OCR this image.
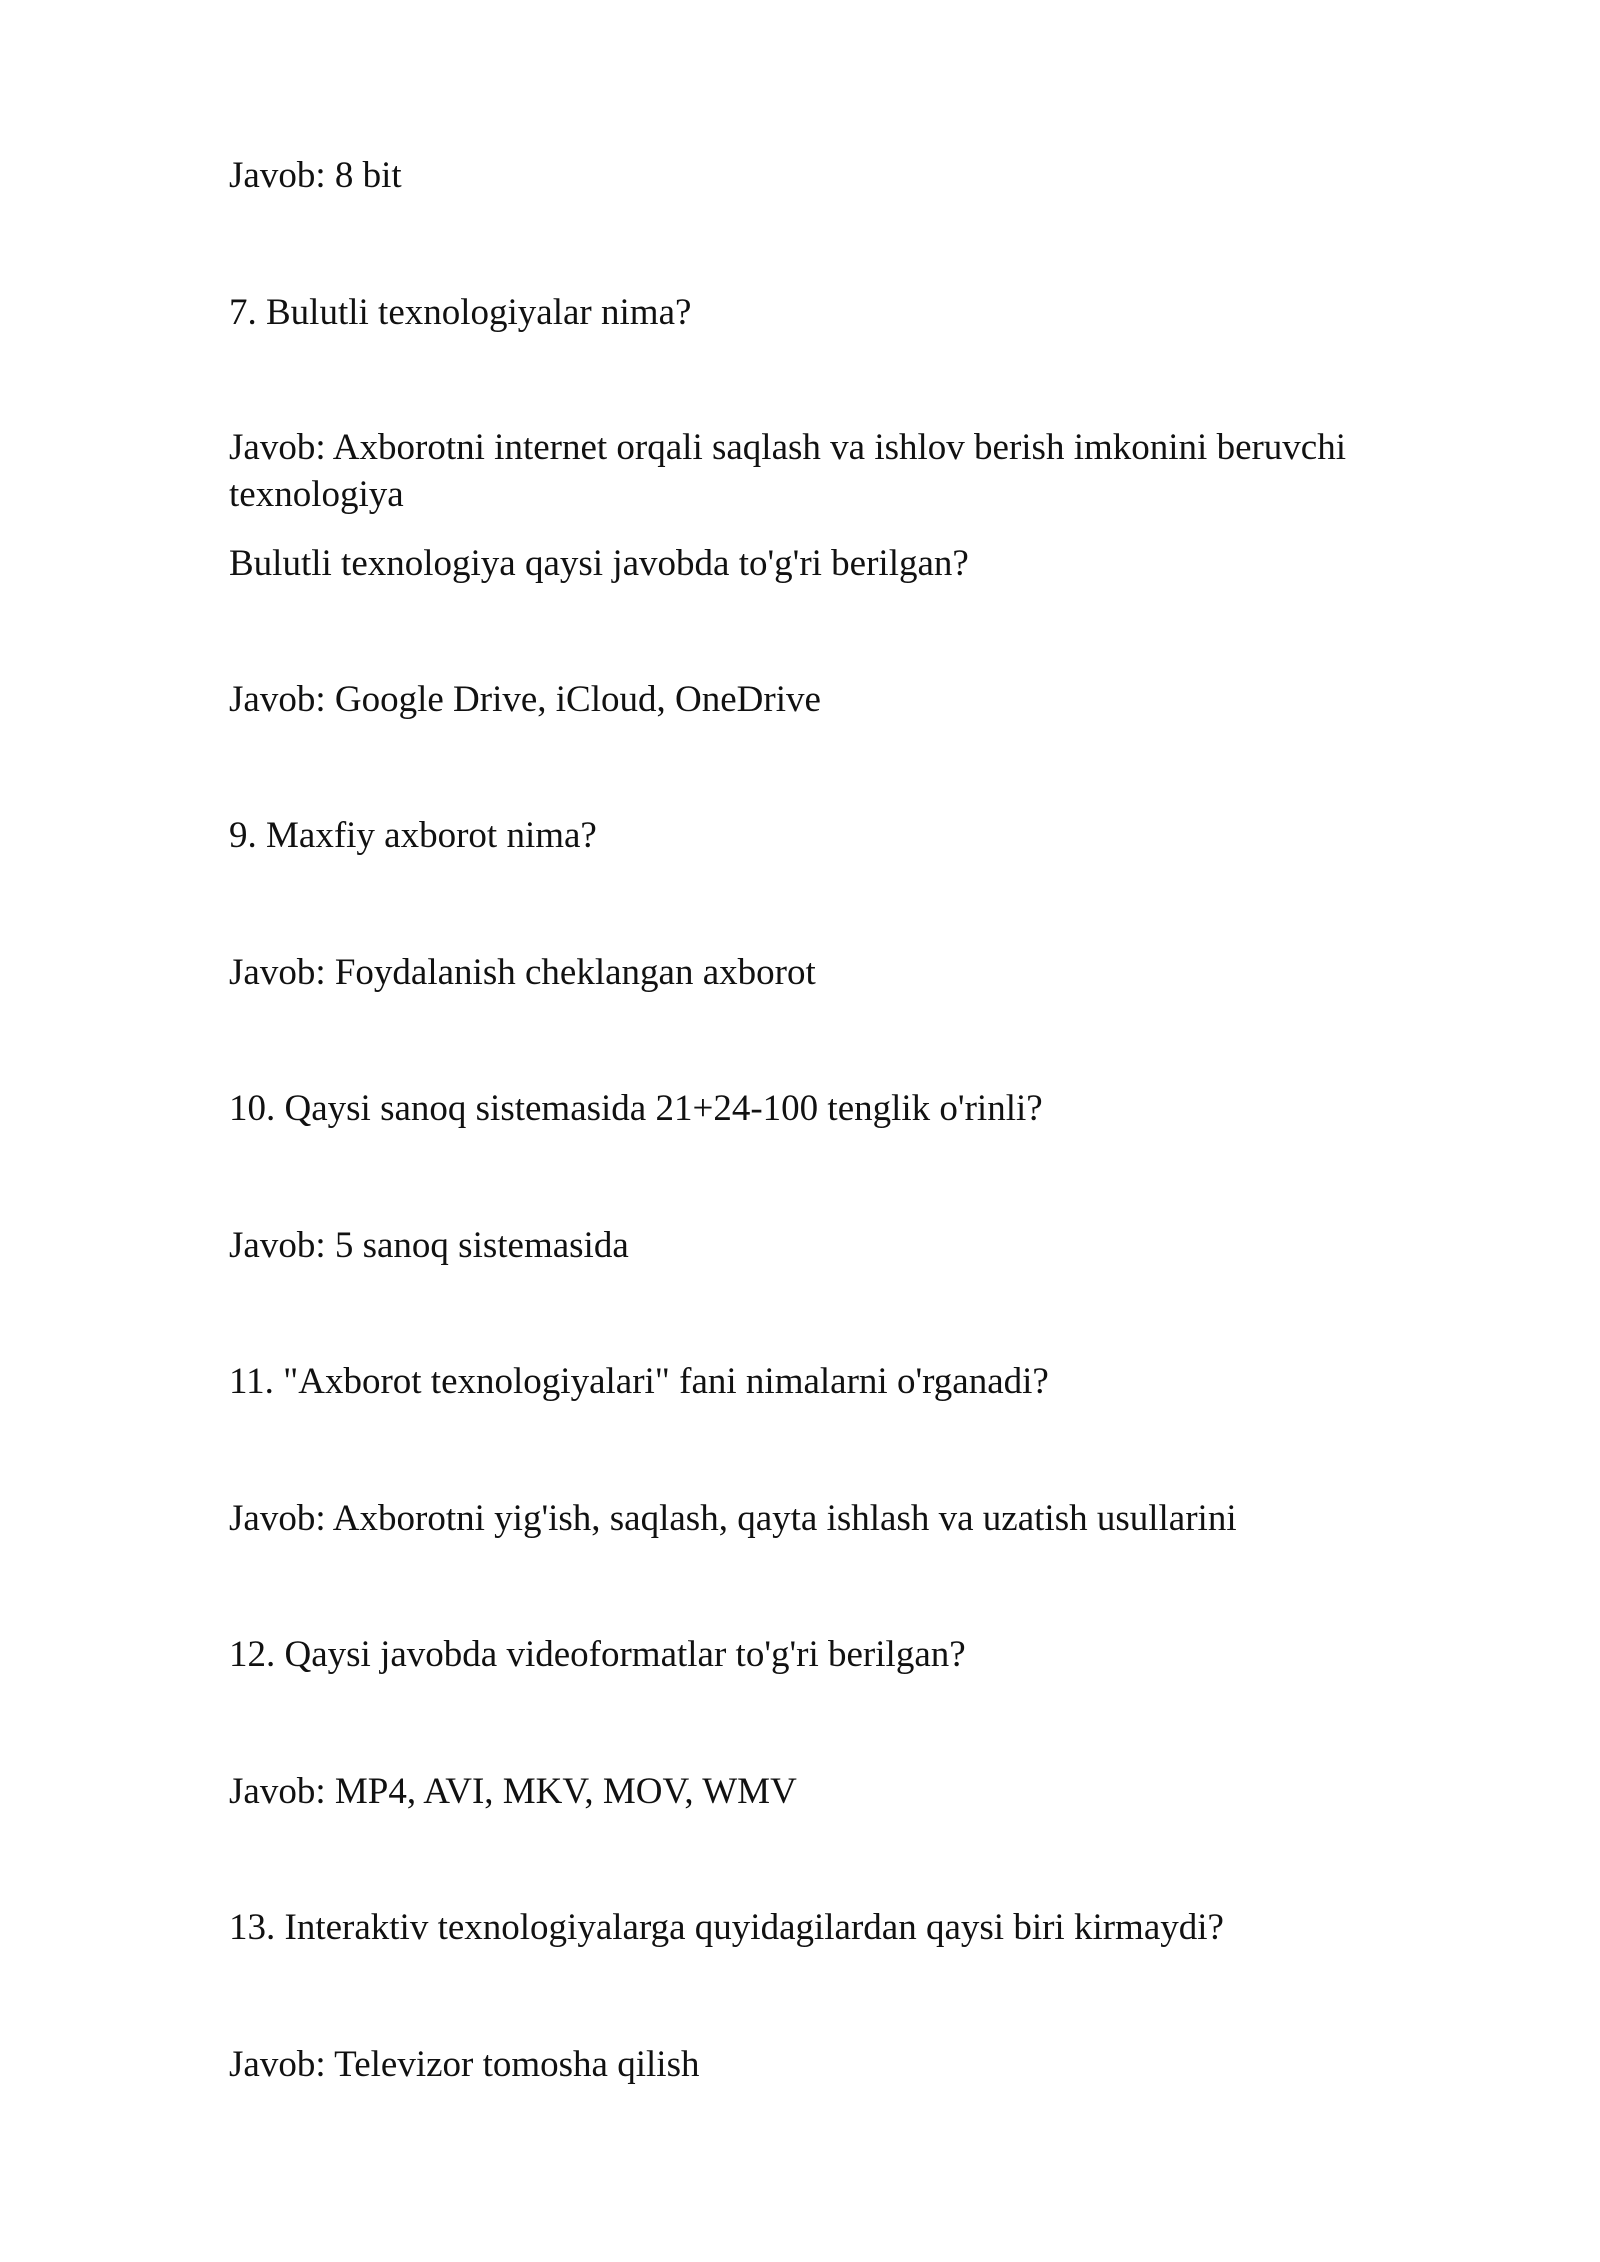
Javob: 8 bit
7. Bulutli texnologiyalar nima?
Javob: Axborotni internet orqali saqlash va ishlov berish imkonini beruvchi texnologiya
Bulutli texnologiya qaysi javobda to'g'ri berilgan?
Javob: Google Drive, iCloud, OneDrive
9. Maxfiy axborot nima?
Javob: Foydalanish cheklangan axborot
10. Qaysi sanoq sistemasida 21+24-100 tenglik o'rinli?
Javob: 5 sanoq sistemasida
11. "Axborot texnologiyalari" fani nimalarni o'rganadi?
Javob: Axborotni yig'ish, saqlash, qayta ishlash va uzatish usullarini
12. Qaysi javobda videoformatlar to'g'ri berilgan?
Javob: MP4, AVI, MKV, MOV, WMV
13. Interaktiv texnologiyalarga quyidagilardan qaysi biri kirmaydi?
Javob: Televizor tomosha qilish
